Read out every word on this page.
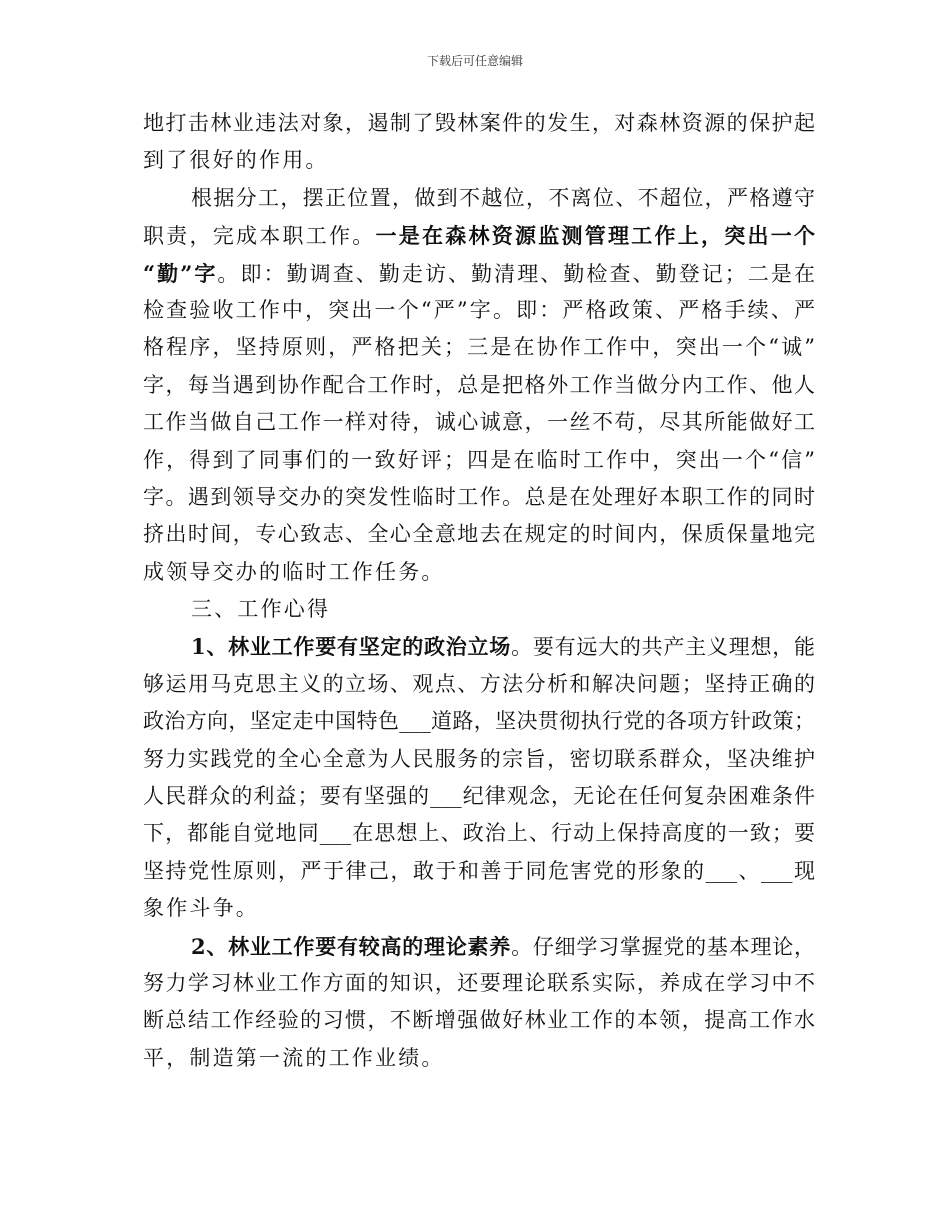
下载后可任意编辑
地打击林业违法对象，遏制了毁林案件的发生，对森林资源的保护起
到了很好的作用。
根据分工，摆正位置，做到不越位，不离位、不超位，严格遵守
职责，完成本职工作。一是在森林资源监测管理工作上，突出一个
“勤”字。即：勤调查、勤走访、勤清理、勤检查、勤登记；二是在
检查验收工作中，突出一个“严”字。即：严格政策、严格手续、严
格程序，坚持原则，严格把关；三是在协作工作中，突出一个“诚”
字，每当遇到协作配合工作时，总是把格外工作当做分内工作、他人
工作当做自己工作一样对待，诚心诚意，一丝不苟，尽其所能做好工
作，得到了同事们的一致好评；四是在临时工作中，突出一个“信”
字。遇到领导交办的突发性临时工作。总是在处理好本职工作的同时
挤出时间，专心致志、全心全意地去在规定的时间内，保质保量地完
成领导交办的临时工作任务。
三、工作心得
1、林业工作要有坚定的政治立场。要有远大的共产主义理想，能
够运用马克思主义的立场、观点、方法分析和解决问题；坚持正确的
政治方向，坚定走中国特色___道路，坚决贯彻执行党的各项方针政策；
努力实践党的全心全意为人民服务的宗旨，密切联系群众，坚决维护
人民群众的利益；要有坚强的___纪律观念，无论在任何复杂困难条件
下，都能自觉地同___在思想上、政治上、行动上保持高度的一致；要
坚持党性原则，严于律己，敢于和善于同危害党的形象的___、___现
象作斗争。
2、林业工作要有较高的理论素养。仔细学习掌握党的基本理论，
努力学习林业工作方面的知识，还要理论联系实际，养成在学习中不
断总结工作经验的习惯，不断增强做好林业工作的本领，提高工作水
平，制造第一流的工作业绩。
